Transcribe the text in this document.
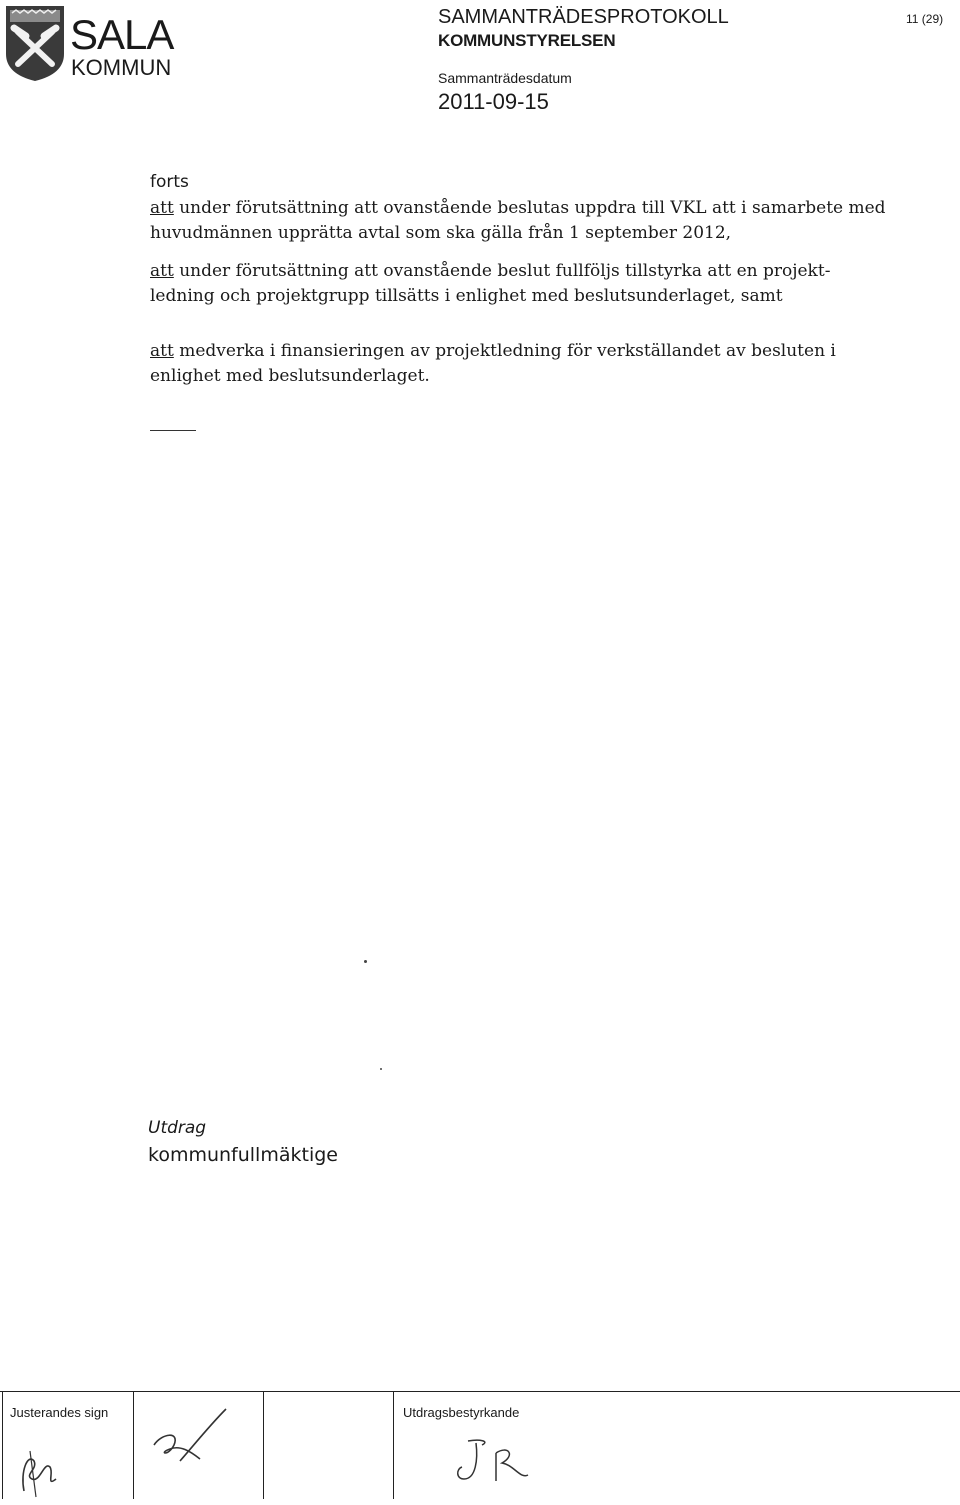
SALA
KOMMUN
SAMMANTRÄDESPROTOKOLL
KOMMUNSTYRELSEN
Sammanträdesdatum
2011-09-15
11 (29)
forts
att under förutsättning att ovanstående beslutas uppdra till VKL att i samarbete med huvudmännen upprätta avtal som ska gälla från 1 september 2012,
att under förutsättning att ovanstående beslut fullföljs tillstyrka att en projekt-ledning och projektgrupp tillsätts i enlighet med beslutsunderlaget, samt
att medverka i finansieringen av projektledning för verkställandet av besluten i enlighet med beslutsunderlaget.
Utdrag
kommunfullmäktige
Justerandes sign	Utdragsbestyrkande
